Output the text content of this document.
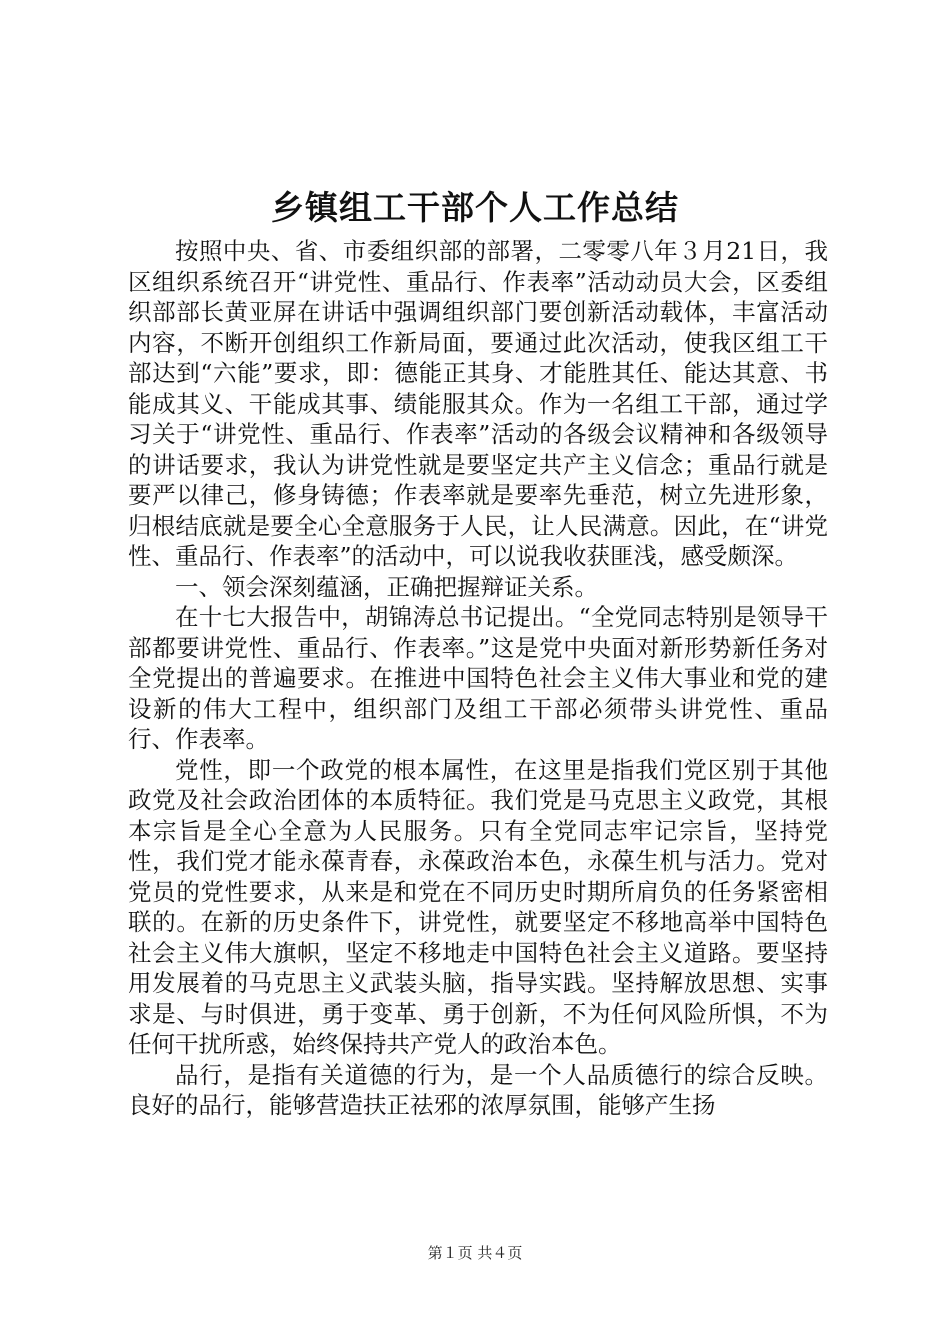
乡镇组工干部个人工作总结

按照中央、省、市委组织部的部署，二零零八年３月21日，我区组织系统召开“讲党性、重品行、作表率”活动动员大会，区委组织部部长黄亚屏在讲话中强调组织部门要创新活动载体，丰富活动内容，不断开创组织工作新局面，要通过此次活动，使我区组工干部达到“六能”要求，即：德能正其身、才能胜其任、能达其意、书能成其义、干能成其事、绩能服其众。作为一名组工干部，通过学习关于“讲党性、重品行、作表率”活动的各级会议精神和各级领导的讲话要求，我认为讲党性就是要坚定共产主义信念；重品行就是要严以律己，修身铸德；作表率就是要率先垂范，树立先进形象，归根结底就是要全心全意服务于人民，让人民满意。因此，在“讲党性、重品行、作表率”的活动中，可以说我收获匪浅，感受颇深。

一、领会深刻蕴涵，正确把握辩证关系。

在十七大报告中，胡锦涛总书记提出。“全党同志特别是领导干部都要讲党性、重品行、作表率。”这是党中央面对新形势新任务对全党提出的普遍要求。在推进中国特色社会主义伟大事业和党的建设新的伟大工程中，组织部门及组工干部必须带头讲党性、重品行、作表率。

党性，即一个政党的根本属性，在这里是指我们党区别于其他政党及社会政治团体的本质特征。我们党是马克思主义政党，其根本宗旨是全心全意为人民服务。只有全党同志牢记宗旨，坚持党性，我们党才能永葆青春，永葆政治本色，永葆生机与活力。党对党员的党性要求，从来是和党在不同历史时期所肩负的任务紧密相联的。在新的历史条件下，讲党性，就要坚定不移地高举中国特色社会主义伟大旗帜，坚定不移地走中国特色社会主义道路。要坚持用发展着的马克思主义武装头脑，指导实践。坚持解放思想、实事求是、与时俱进，勇于变革、勇于创新，不为任何风险所惧，不为任何干扰所惑，始终保持共产党人的政治本色。

品行，是指有关道德的行为，是一个人品质德行的综合反映。良好的品行，能够营造扶正祛邪的浓厚氛围，能够产生扬

第１页 共４页
